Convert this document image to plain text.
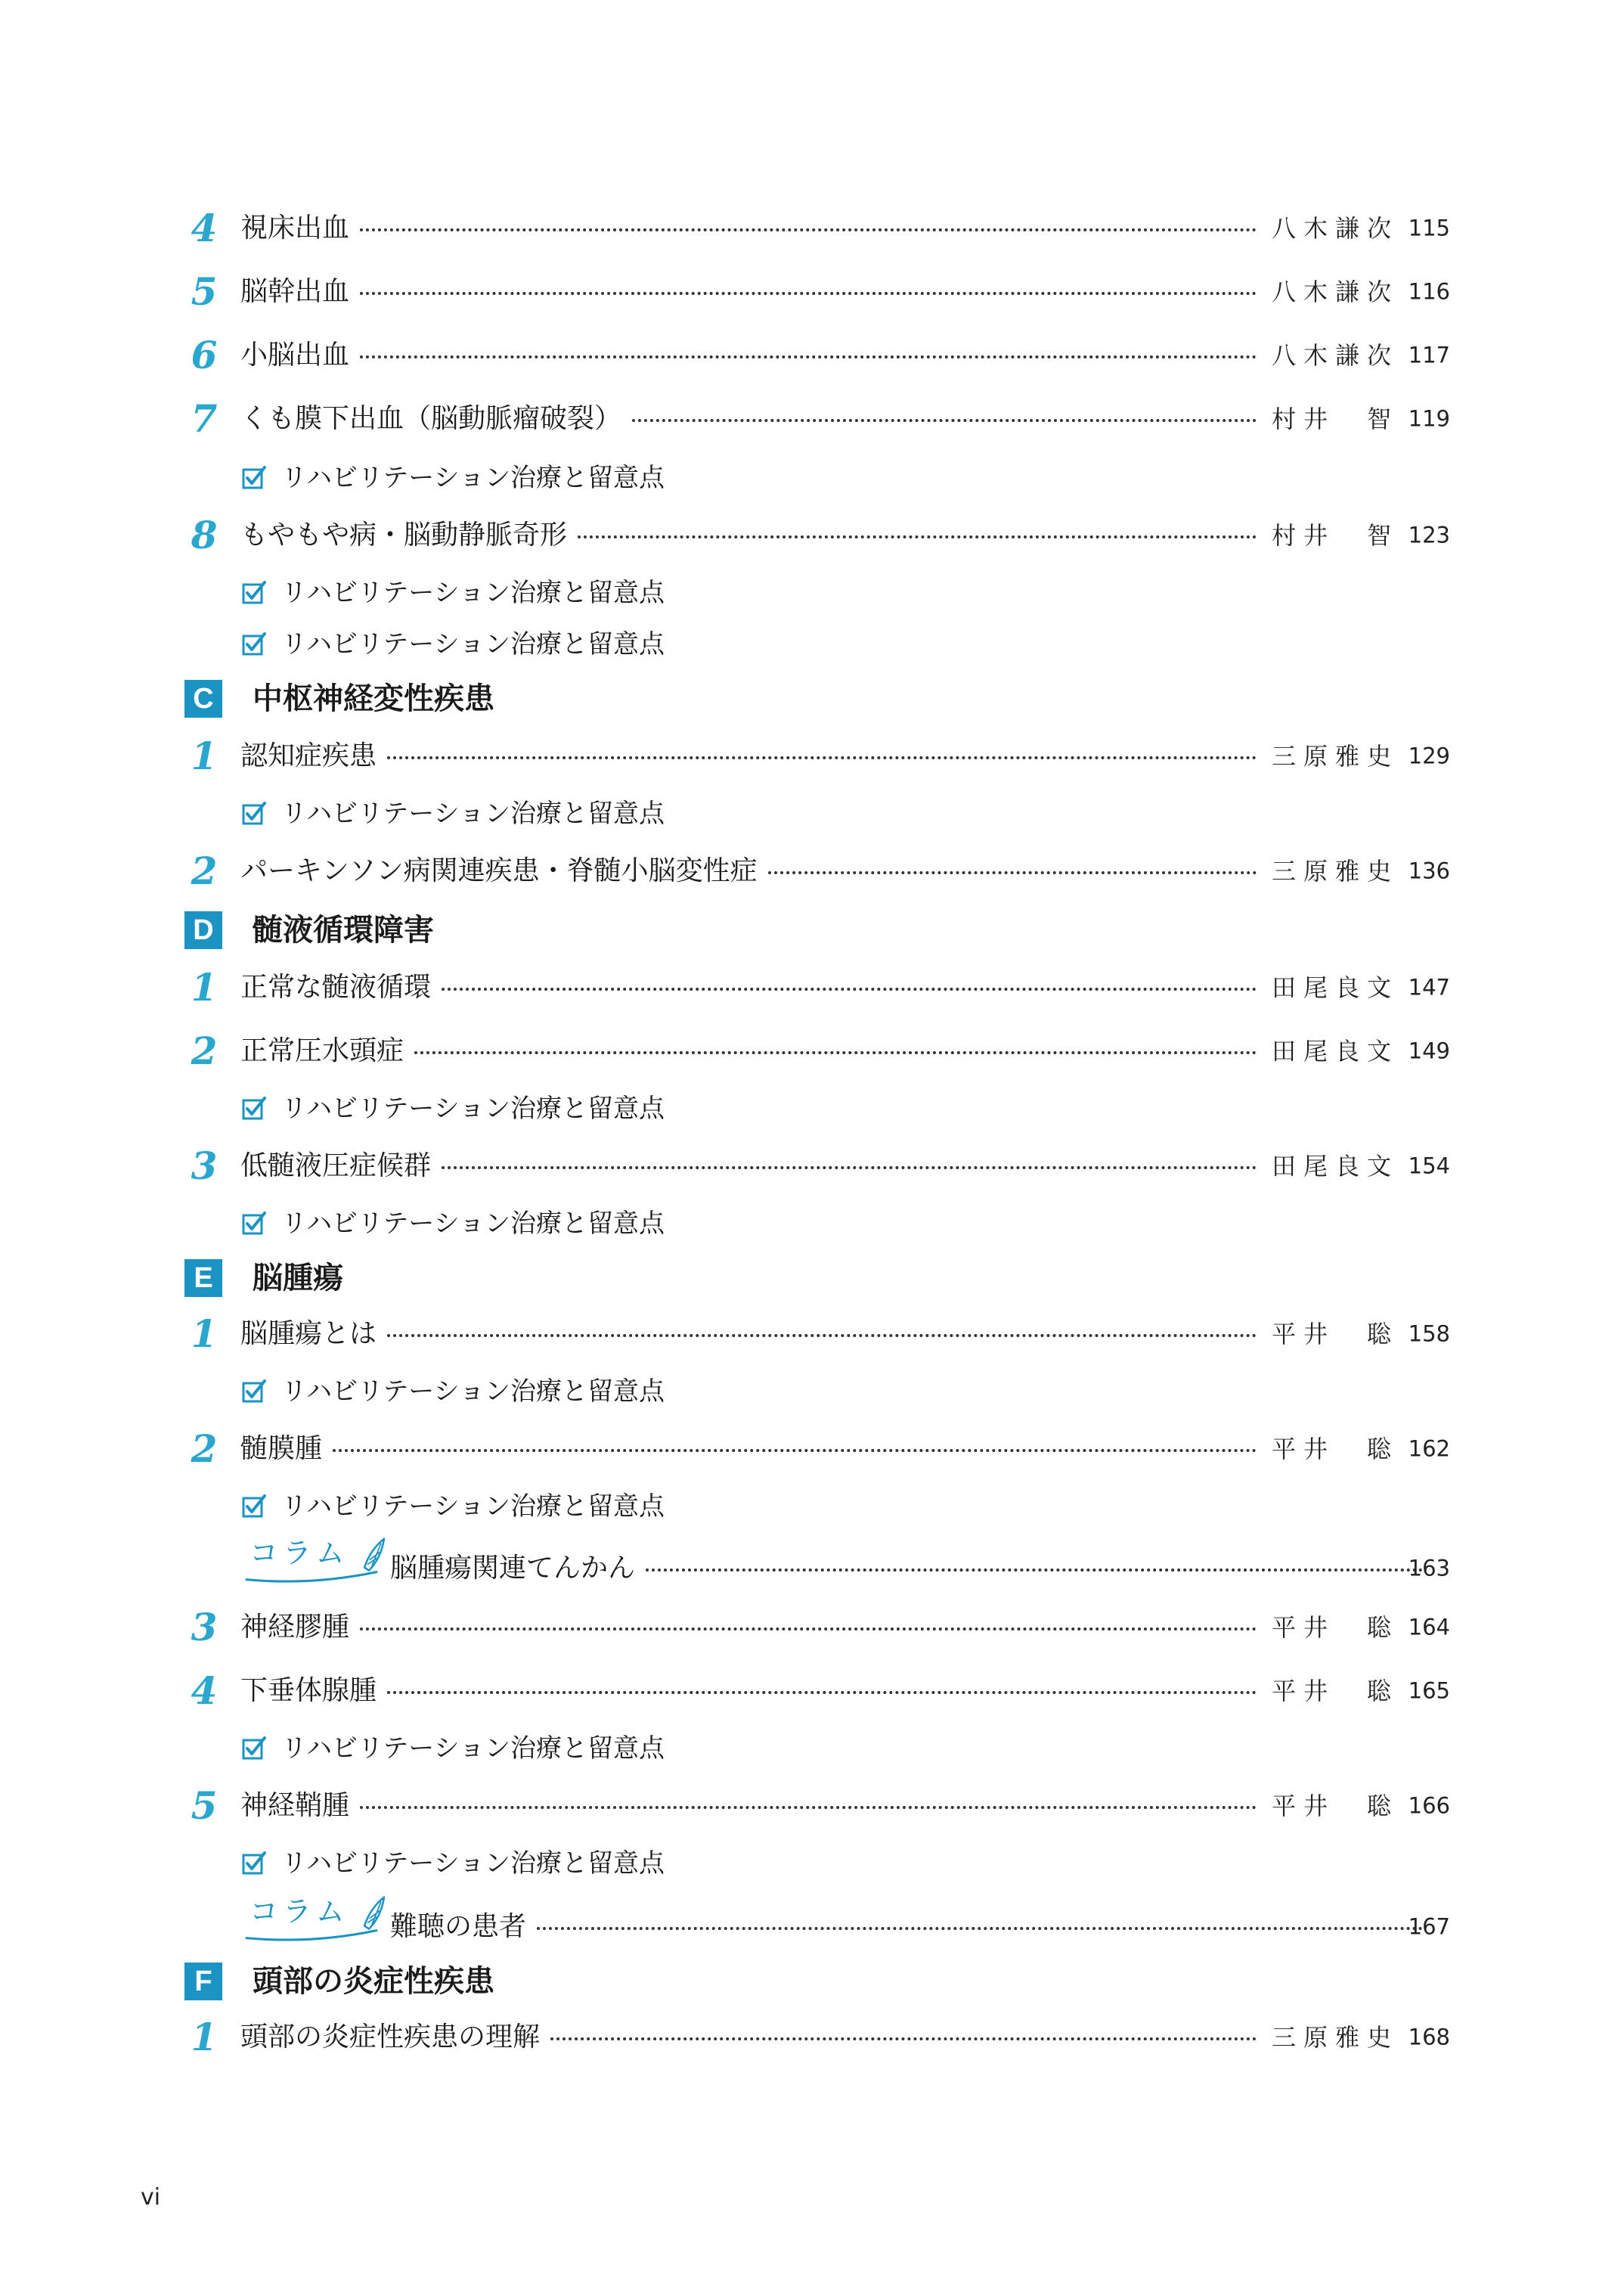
4 視床出血	八木謙次 115
5 脳幹出血	八木謙次 116
6 小脳出血	八木謙次 117
7 くも膜下出血（脳動脈瘤破裂）	村井　智 119
リハビリテーション治療と留意点
8 もやもや病・脳動静脈奇形	村井　智 123
リハビリテーション治療と留意点
リハビリテーション治療と留意点
C 中枢神経変性疾患
1 認知症疾患	三原雅史 129
リハビリテーション治療と留意点
2 パーキンソン病関連疾患・脊髄小脳変性症	三原雅史 136
D 髄液循環障害
1 正常な髄液循環	田尾良文 147
2 正常圧水頭症	田尾良文 149
リハビリテーション治療と留意点
3 低髄液圧症候群	田尾良文 154
リハビリテーション治療と留意点
E	脳腫瘍
1 脳腫瘍とは	平井　聡 158
リハビリテーション治療と留意点
2 髄膜腫	平井　聡 162
リハビリテーション治療と留意点
コラム 脳腫瘍関連てんかん	163
3 神経膠腫	平井　聡 164
4 下垂体腺腫	平井　聡 165
リハビリテーション治療と留意点
5 神経鞘腫	平井　聡 166
リハビリテーション治療と留意点
コラム 難聴の患者	167
F	頭部の炎症性疾患
1 頭部の炎症性疾患の理解	三原雅史 168
vi
